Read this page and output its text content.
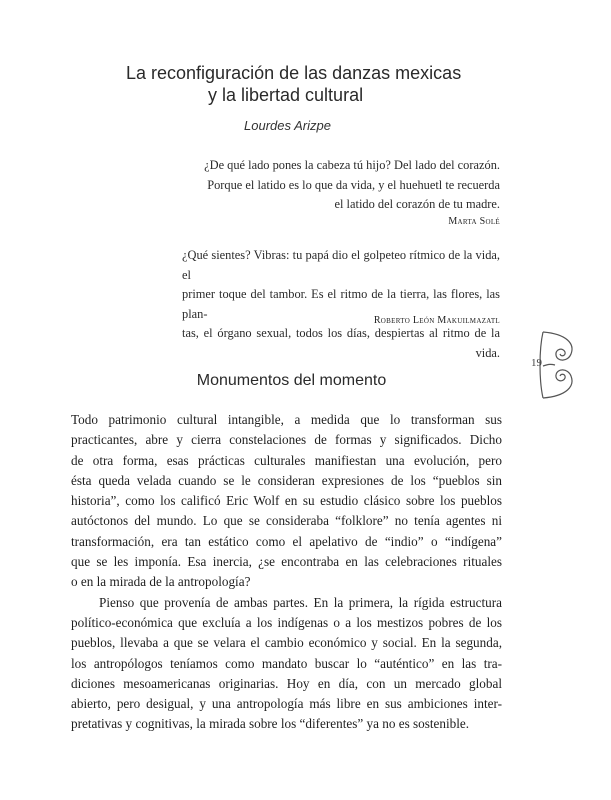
La reconfiguración de las danzas mexicas
y la libertad cultural
Lourdes Arizpe

¿De qué lado pones la cabeza tú hijo? Del lado del corazón.

Porque el latido es lo que da vida, y el huehuetl te recuerda

el latido del corazón de tu madre.

Marta Solé

¿Qué sientes? Vibras: tu papá dio el golpeteo rítmico de la vida, el

primer toque del tambor. Es el ritmo de la tierra, las flores, las plan-

tas, el órgano sexual, todos los días, despiertas al ritmo de la vida.

Roberto León Makuilmazatl
19
Monumentos del momento
Todo patrimonio cultural intangible, a medida que lo transforman sus
practicantes, abre y cierra constelaciones de formas y significados. Dicho
de otra forma, esas prácticas culturales manifiestan una evolución, pero
ésta queda velada cuando se le consideran expresiones de los “pueblos sin
historia”, como los calificó Eric Wolf en su estudio clásico sobre los pueblos
autóctonos del mundo. Lo que se consideraba “folklore” no tenía agentes ni
transformación, era tan estático como el apelativo de “indio” o “indígena”
que se les imponía. Esa inercia, ¿se encontraba en las celebraciones rituales
o en la mirada de la antropología?
Pienso que provenía de ambas partes. En la primera, la rígida estructura
político-económica que excluía a los indígenas o a los mestizos pobres de los
pueblos, llevaba a que se velara el cambio económico y social. En la segunda,
los antropólogos teníamos como mandato buscar lo “auténtico” en las tra-
diciones mesoamericanas originarias. Hoy en día, con un mercado global
abierto, pero desigual, y una antropología más libre en sus ambiciones inter-
pretativas y cognitivas, la mirada sobre los “diferentes” ya no es sostenible.
